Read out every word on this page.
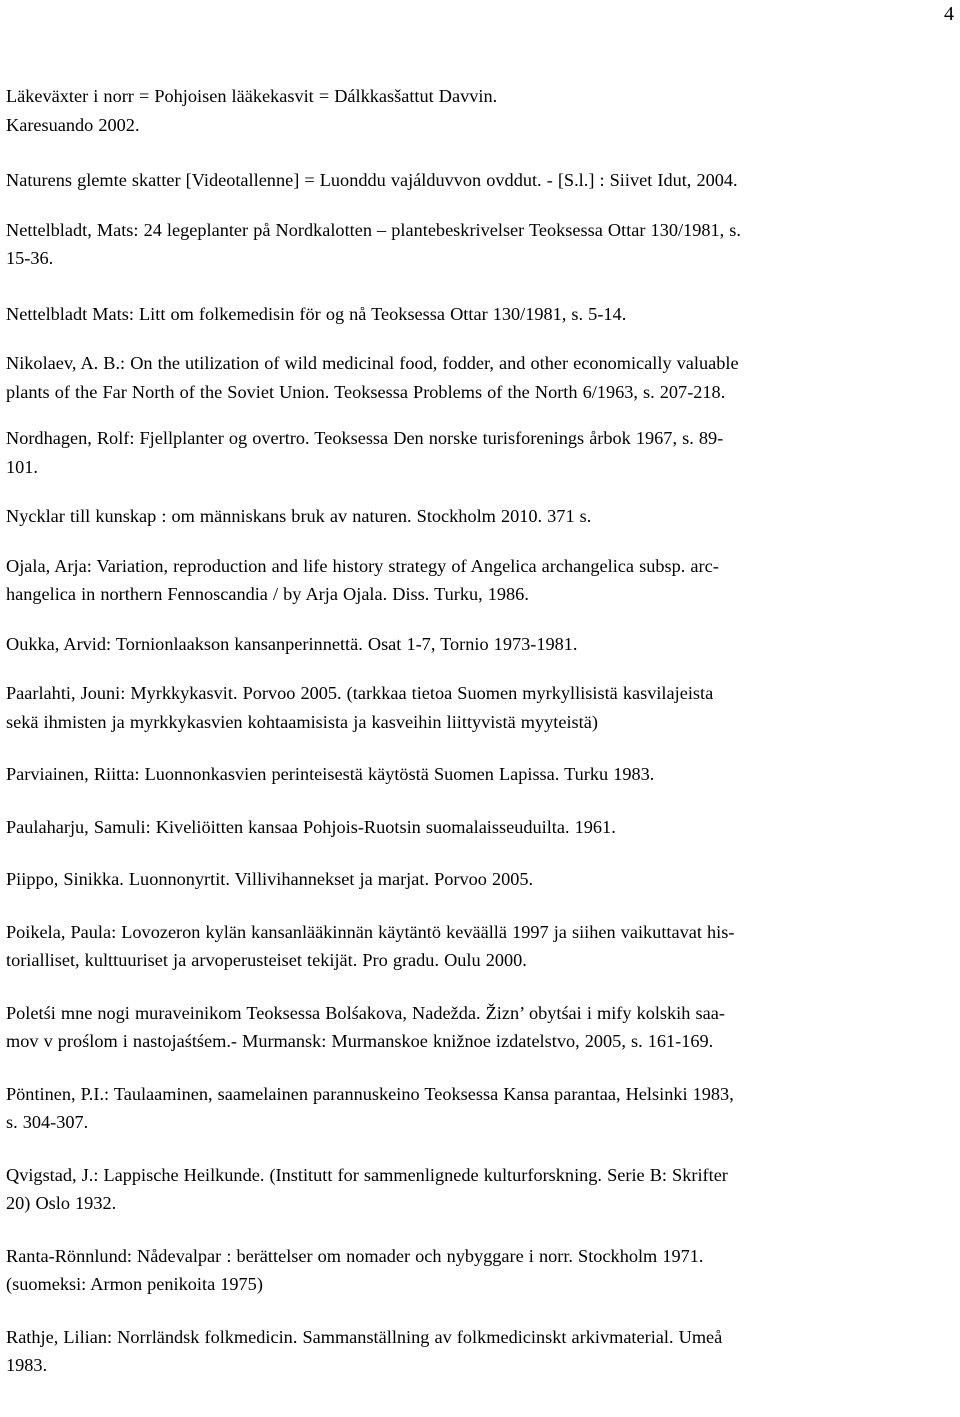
4

Läkeväxter i norr = Pohjoisen lääkekasvit = Dálkkasšattut Davvin.
Karesuando 2002.

Naturens glemte skatter [Videotallenne] = Luonddu vajálduvvon ovddut. - [S.l.] : Siivet Idut, 2004.

Nettelbladt, Mats: 24 legeplanter på Nordkalotten – plantebeskrivelser Teoksessa Ottar 130/1981, s.
15-36.

Nettelbladt Mats: Litt om folkemedisin för og nå Teoksessa Ottar 130/1981, s. 5-14.

Nikolaev, A. B.: On the utilization of wild medicinal food, fodder, and other economically valuable
plants of the Far North of the Soviet Union. Teoksessa Problems of the North 6/1963, s. 207-218.

Nordhagen, Rolf: Fjellplanter og overtro. Teoksessa Den norske turisforenings årbok 1967, s. 89-
101.

Nycklar till kunskap : om människans bruk av naturen. Stockholm 2010. 371 s.

Ojala, Arja: Variation, reproduction and life history strategy of Angelica archangelica subsp. arc-
hangelica in northern Fennoscandia / by Arja Ojala. Diss. Turku, 1986.

Oukka, Arvid: Tornionlaakson kansanperinnettä. Osat 1-7, Tornio 1973-1981.

Paarlahti, Jouni: Myrkkykasvit. Porvoo 2005. (tarkkaa tietoa Suomen myrkyllisistä kasvilajeista
sekä ihmisten ja myrkkykasvien kohtaamisista ja kasveihin liittyvistä myyteistä)

Parviainen, Riitta: Luonnonkasvien perinteisestä käytöstä Suomen Lapissa. Turku 1983.

Paulaharju, Samuli: Kiveliöitten kansaa Pohjois-Ruotsin suomalaisseuduilta. 1961.

Piippo, Sinikka. Luonnonyrtit. Villivihannekset ja marjat. Porvoo 2005.

Poikela, Paula: Lovozeron kylän kansanlääkinnän käytäntö keväällä 1997 ja siihen vaikuttavat his-
torialliset, kulttuuriset ja arvoperusteiset tekijät. Pro gradu. Oulu 2000.

Poletśi mne nogi muraveinikom Teoksessa Bolśakova, Nadežda. Žizn’ obytśai i mify kolskih saa-
mov v proślom i nastojaśtśem.- Murmansk: Murmanskoe knižnoe izdatelstvo, 2005, s. 161-169.

Pöntinen, P.I.: Taulaaminen, saamelainen parannuskeino Teoksessa Kansa parantaa, Helsinki 1983,
s. 304-307.

Qvigstad, J.: Lappische Heilkunde. (Institutt for sammenlignede kulturforskning. Serie B: Skrifter
20) Oslo 1932.

Ranta-Rönnlund: Nådevalpar : berättelser om nomader och nybyggare i norr. Stockholm 1971.
(suomeksi: Armon penikoita 1975)

Rathje, Lilian: Norrländsk folkmedicin. Sammanställning av folkmedicinskt arkivmaterial. Umeå
1983.
